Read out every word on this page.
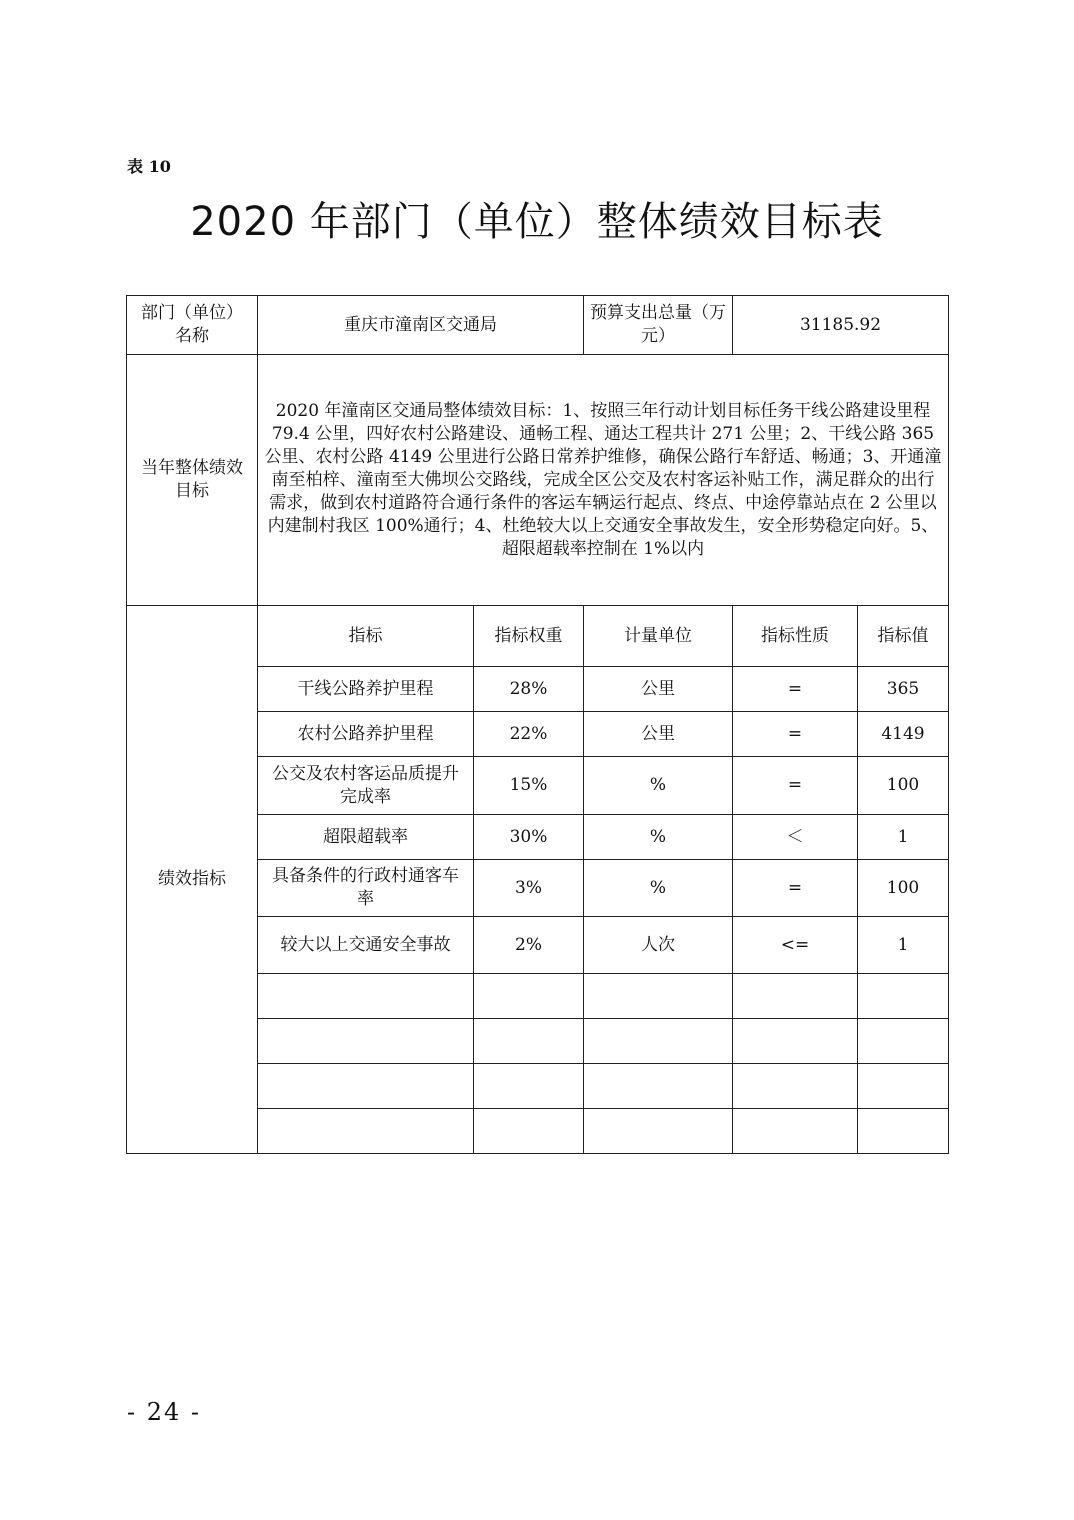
表 10
2020 年部门（单位）整体绩效目标表
部门（单位）名称	重庆市潼南区交通局		预算支出总量（万元）	31185.92	
当年整体绩效目标	2020 年潼南区交通局整体绩效目标：1、按照三年行动计划目标任务干线公路建设里程 79.4 公里，四好农村公路建设、通畅工程、通达工程共计 271 公里；2、干线公路 365 公里、农村公路 4149 公里进行公路日常养护维修，确保公路行车舒适、畅通；3、开通潼南至柏梓、潼南至大佛坝公交路线，完成全区公交及农村客运补贴工作，满足群众的出行需求，做到农村道路符合通行条件的客运车辆运行起点、终点、中途停靠站点在 2 公里以内建制村我区 100%通行；4、杜绝较大以上交通安全事故发生，安全形势稳定向好。5、超限超载率控制在 1%以内				
绩效指标	指标	指标权重	计量单位	指标性质	指标值
	干线公路养护里程	28%	公里	=	365
	农村公路养护里程	22%	公里	=	4149
	公交及农村客运品质提升完成率	15%	%	=	100
	超限超载率	30%	%	＜	1
	具备条件的行政村通客车率	3%	%	=	100
	较大以上交通安全事故	2%	人次	<=	1

- 24 -
